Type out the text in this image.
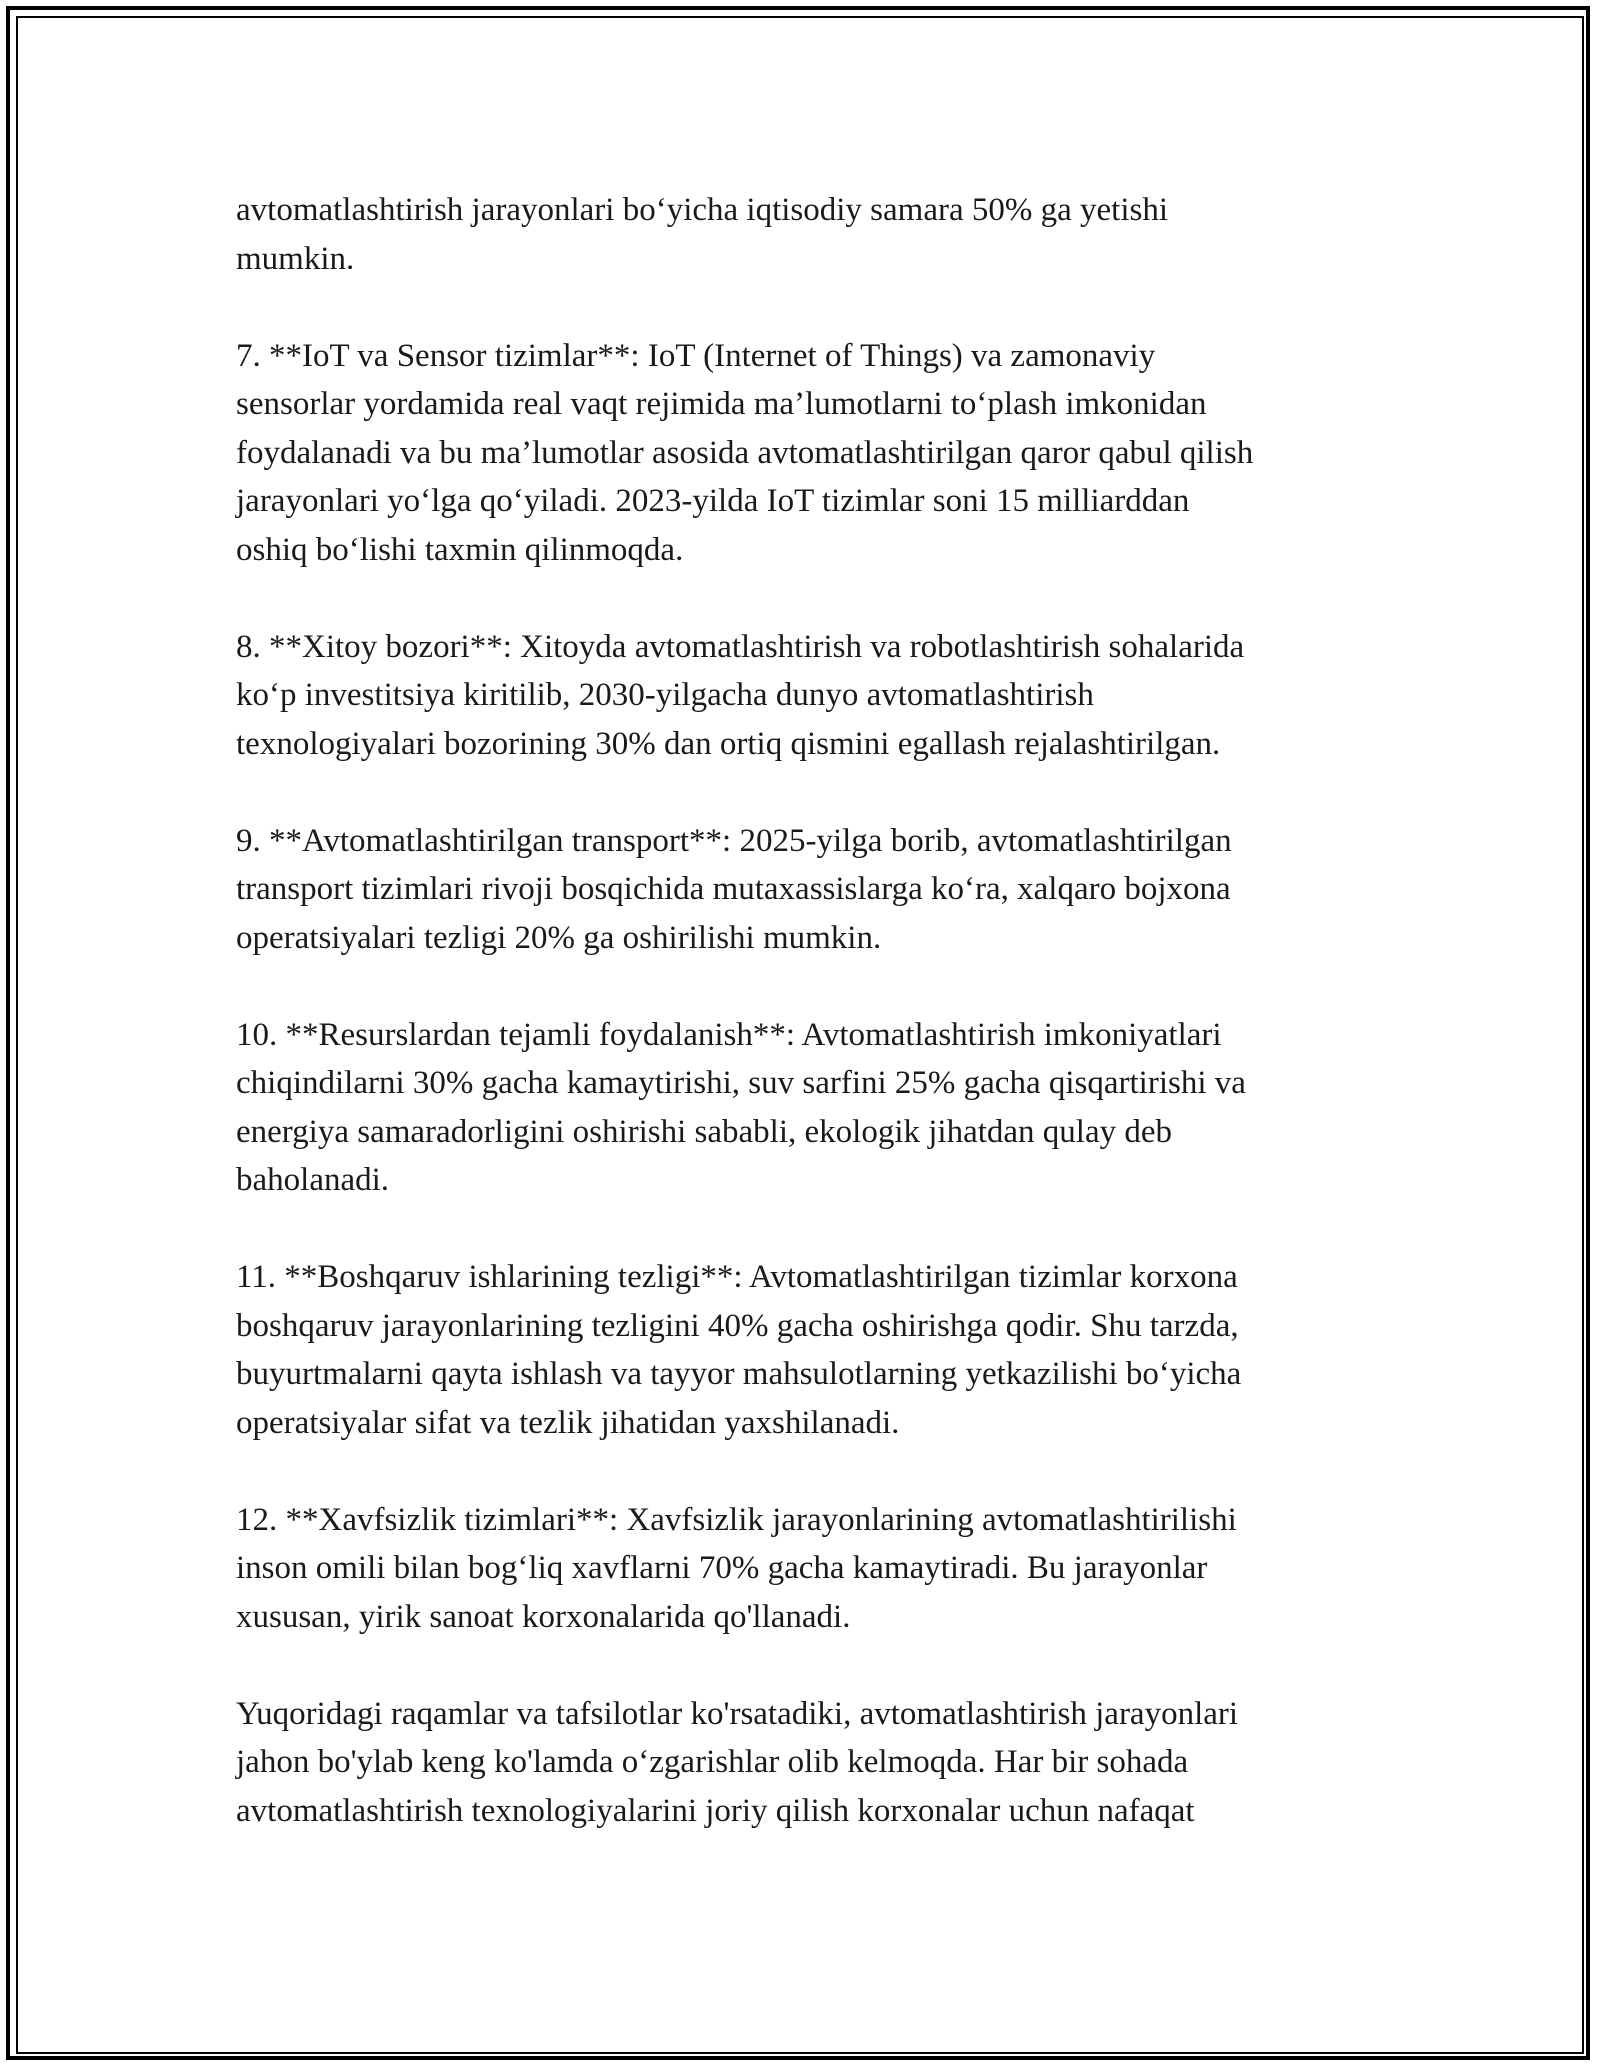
avtomatlashtirish jarayonlari bo‘yicha iqtisodiy samara 50% ga yetishi
mumkin.

7. **IoT va Sensor tizimlar**: IoT (Internet of Things) va zamonaviy
sensorlar yordamida real vaqt rejimida ma’lumotlarni to‘plash imkonidan
foydalanadi va bu ma’lumotlar asosida avtomatlashtirilgan qaror qabul qilish
jarayonlari yo‘lga qo‘yiladi. 2023-yilda IoT tizimlar soni 15 milliarddan
oshiq bo‘lishi taxmin qilinmoqda.

8. **Xitoy bozori**: Xitoyda avtomatlashtirish va robotlashtirish sohalarida
ko‘p investitsiya kiritilib, 2030-yilgacha dunyo avtomatlashtirish
texnologiyalari bozorining 30% dan ortiq qismini egallash rejalashtirilgan.

9. **Avtomatlashtirilgan transport**: 2025-yilga borib, avtomatlashtirilgan
transport tizimlari rivoji bosqichida mutaxassislarga ko‘ra, xalqaro bojxona
operatsiyalari tezligi 20% ga oshirilishi mumkin.

10. **Resurslardan tejamli foydalanish**: Avtomatlashtirish imkoniyatlari
chiqindilarni 30% gacha kamaytirishi, suv sarfini 25% gacha qisqartirishi va
energiya samaradorligini oshirishi sababli, ekologik jihatdan qulay deb
baholanadi.

11. **Boshqaruv ishlarining tezligi**: Avtomatlashtirilgan tizimlar korxona
boshqaruv jarayonlarining tezligini 40% gacha oshirishga qodir. Shu tarzda,
buyurtmalarni qayta ishlash va tayyor mahsulotlarning yetkazilishi bo‘yicha
operatsiyalar sifat va tezlik jihatidan yaxshilanadi.

12. **Xavfsizlik tizimlari**: Xavfsizlik jarayonlarining avtomatlashtirilishi
inson omili bilan bog‘liq xavflarni 70% gacha kamaytiradi. Bu jarayonlar
xususan, yirik sanoat korxonalarida qo'llanadi.

Yuqoridagi raqamlar va tafsilotlar ko'rsatadiki, avtomatlashtirish jarayonlari
jahon bo'ylab keng ko'lamda o‘zgarishlar olib kelmoqda. Har bir sohada
avtomatlashtirish texnologiyalarini joriy qilish korxonalar uchun nafaqat
